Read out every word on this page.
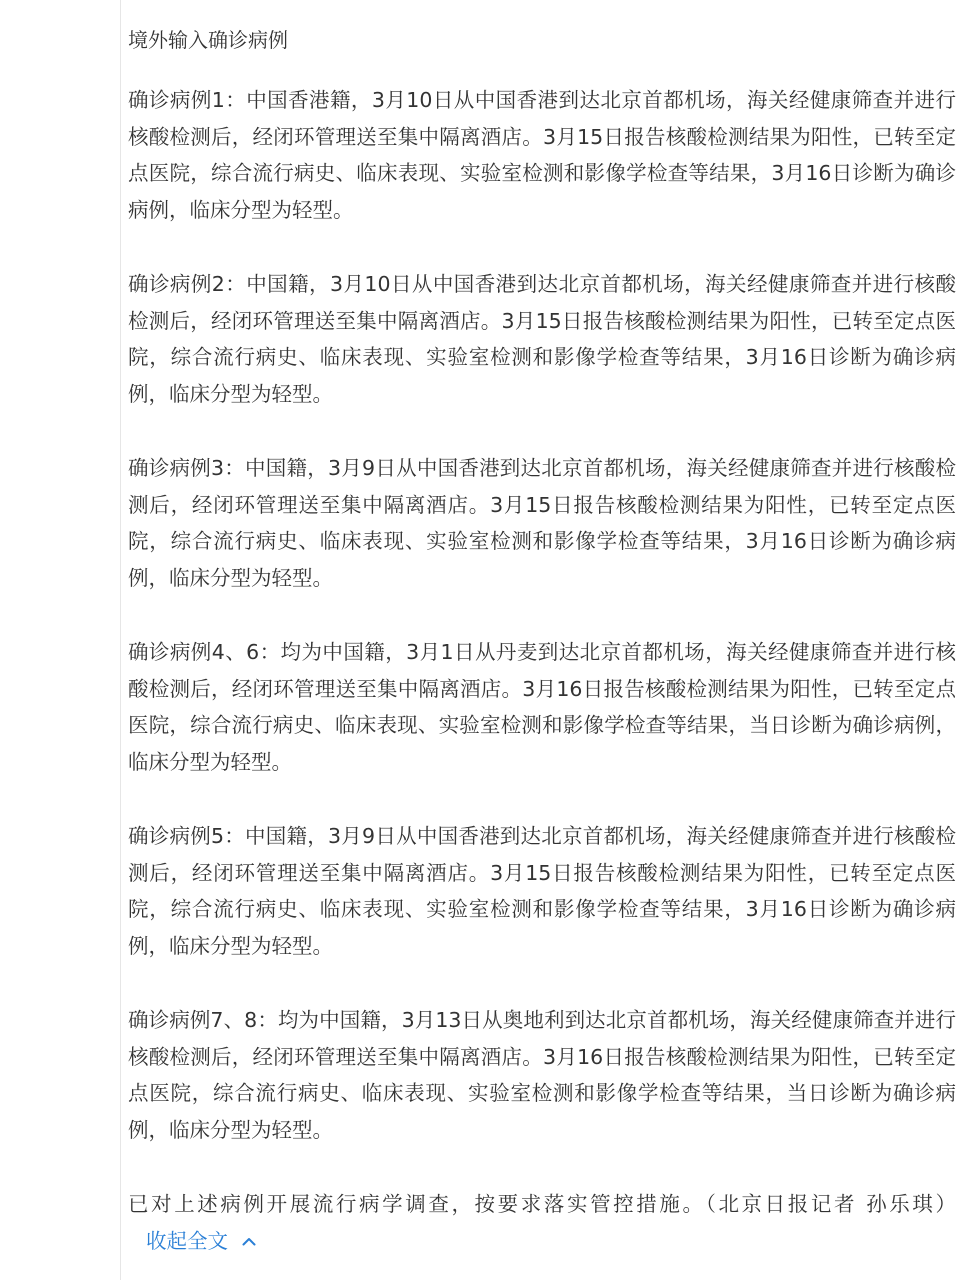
境外输入确诊病例

确诊病例1：中国香港籍，3月10日从中国香港到达北京首都机场，海关经健康筛查并进行核酸检测后，经闭环管理送至集中隔离酒店。3月15日报告核酸检测结果为阳性，已转至定点医院，综合流行病史、临床表现、实验室检测和影像学检查等结果，3月16日诊断为确诊病例，临床分型为轻型。

确诊病例2：中国籍，3月10日从中国香港到达北京首都机场，海关经健康筛查并进行核酸检测后，经闭环管理送至集中隔离酒店。3月15日报告核酸检测结果为阳性，已转至定点医院，综合流行病史、临床表现、实验室检测和影像学检查等结果，3月16日诊断为确诊病例，临床分型为轻型。

确诊病例3：中国籍，3月9日从中国香港到达北京首都机场，海关经健康筛查并进行核酸检测后，经闭环管理送至集中隔离酒店。3月15日报告核酸检测结果为阳性，已转至定点医院，综合流行病史、临床表现、实验室检测和影像学检查等结果，3月16日诊断为确诊病例，临床分型为轻型。

确诊病例4、6：均为中国籍，3月1日从丹麦到达北京首都机场，海关经健康筛查并进行核酸检测后，经闭环管理送至集中隔离酒店。3月16日报告核酸检测结果为阳性，已转至定点医院，综合流行病史、临床表现、实验室检测和影像学检查等结果，当日诊断为确诊病例，临床分型为轻型。

确诊病例5：中国籍，3月9日从中国香港到达北京首都机场，海关经健康筛查并进行核酸检测后，经闭环管理送至集中隔离酒店。3月15日报告核酸检测结果为阳性，已转至定点医院，综合流行病史、临床表现、实验室检测和影像学检查等结果，3月16日诊断为确诊病例，临床分型为轻型。

确诊病例7、8：均为中国籍，3月13日从奥地利到达北京首都机场，海关经健康筛查并进行核酸检测后，经闭环管理送至集中隔离酒店。3月16日报告核酸检测结果为阳性，已转至定点医院，综合流行病史、临床表现、实验室检测和影像学检查等结果，当日诊断为确诊病例，临床分型为轻型。

已对上述病例开展流行病学调查，按要求落实管控措施。（北京日报记者 孙乐琪）收起全文
